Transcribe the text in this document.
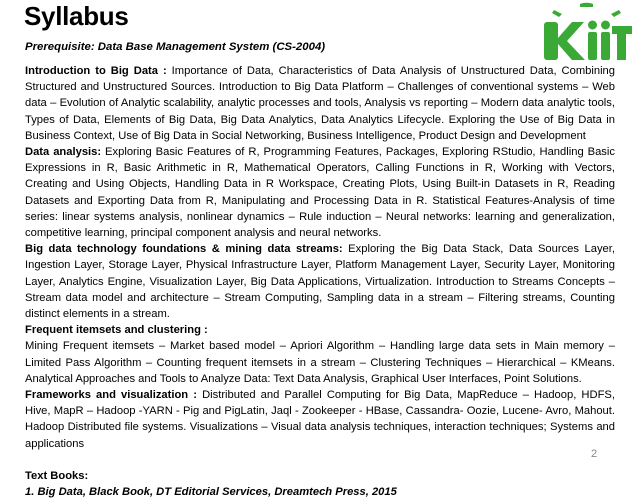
Syllabus
Prerequisite: Data Base Management System (CS-2004)

Introduction to Big Data : Importance of Data, Characteristics of Data Analysis of Unstructured Data, Combining Structured and Unstructured Sources. Introduction to Big Data Platform – Challenges of conventional systems – Web data – Evolution of Analytic scalability, analytic processes and tools, Analysis vs reporting – Modern data analytic tools, Types of Data, Elements of Big Data, Big Data Analytics, Data Analytics Lifecycle. Exploring the Use of Big Data in Business Context, Use of Big Data in Social Networking, Business Intelligence, Product Design and Development

Data analysis: Exploring Basic Features of R, Programming Features, Packages, Exploring RStudio, Handling Basic Expressions in R, Basic Arithmetic in R, Mathematical Operators, Calling Functions in R, Working with Vectors, Creating and Using Objects, Handling Data in R Workspace, Creating Plots, Using Built-in Datasets in R, Reading Datasets and Exporting Data from R, Manipulating and Processing Data in R. Statistical Features-Analysis of time series: linear systems analysis, nonlinear dynamics – Rule induction – Neural networks: learning and generalization, competitive learning, principal component analysis and neural networks.

Big data technology foundations & mining data streams: Exploring the Big Data Stack, Data Sources Layer, Ingestion Layer, Storage Layer, Physical Infrastructure Layer, Platform Management Layer, Security Layer, Monitoring Layer, Analytics Engine, Visualization Layer, Big Data Applications, Virtualization. Introduction to Streams Concepts – Stream data model and architecture – Stream Computing, Sampling data in a stream – Filtering streams, Counting distinct elements in a stream.

Frequent itemsets and clustering :

Mining Frequent itemsets – Market based model – Apriori Algorithm – Handling large data sets in Main memory – Limited Pass Algorithm – Counting frequent itemsets in a stream – Clustering Techniques – Hierarchical – KMeans. Analytical Approaches and Tools to Analyze Data: Text Data Analysis, Graphical User Interfaces, Point Solutions.

Frameworks and visualization : Distributed and Parallel Computing for Big Data, MapReduce – Hadoop, HDFS, Hive, MapR – Hadoop -YARN - Pig and PigLatin, Jaql - Zookeeper - HBase, Cassandra- Oozie, Lucene- Avro, Mahout. Hadoop Distributed file systems. Visualizations – Visual data analysis techniques, interaction techniques; Systems and applications

Text Books:

1. Big Data, Black Book, DT Editorial Services, Dreamtech Press, 2015

2
